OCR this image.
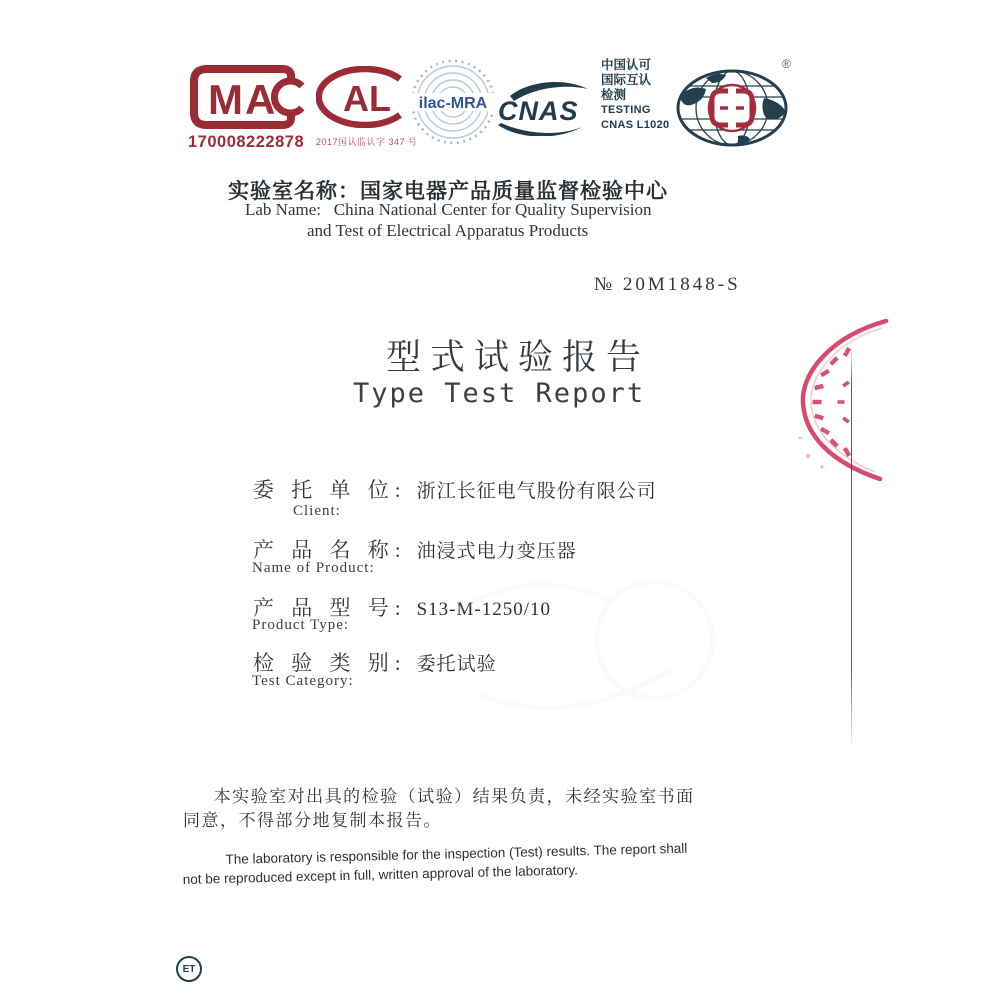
MA
170008222878
AL
2017国认监认字 347 号
ilac-MRA CNAS
中国认可
国际互认
检测
TESTING
CNAS L1020
®
实验室名称：国家电器产品质量监督检验中心
Lab Name: China National Center for Quality Supervision
and Test of Electrical Apparatus Products
№ 20M1848-S
型式试验报告
Type Test Report
委 托 单 位: 浙江长征电气股份有限公司
Client:
产 品 名 称: 油浸式电力变压器
Name of Product:
产 品 型 号: S13-M-1250/10
Product Type:
检 验 类 别: 委托试验
Test Category:
本实验室对出具的检验（试验）结果负责，未经实验室书面同意，不得部分地复制本报告。
The laboratory is responsible for the inspection (Test) results. The report shall not be reproduced except in full, written approval of the laboratory.
ET
